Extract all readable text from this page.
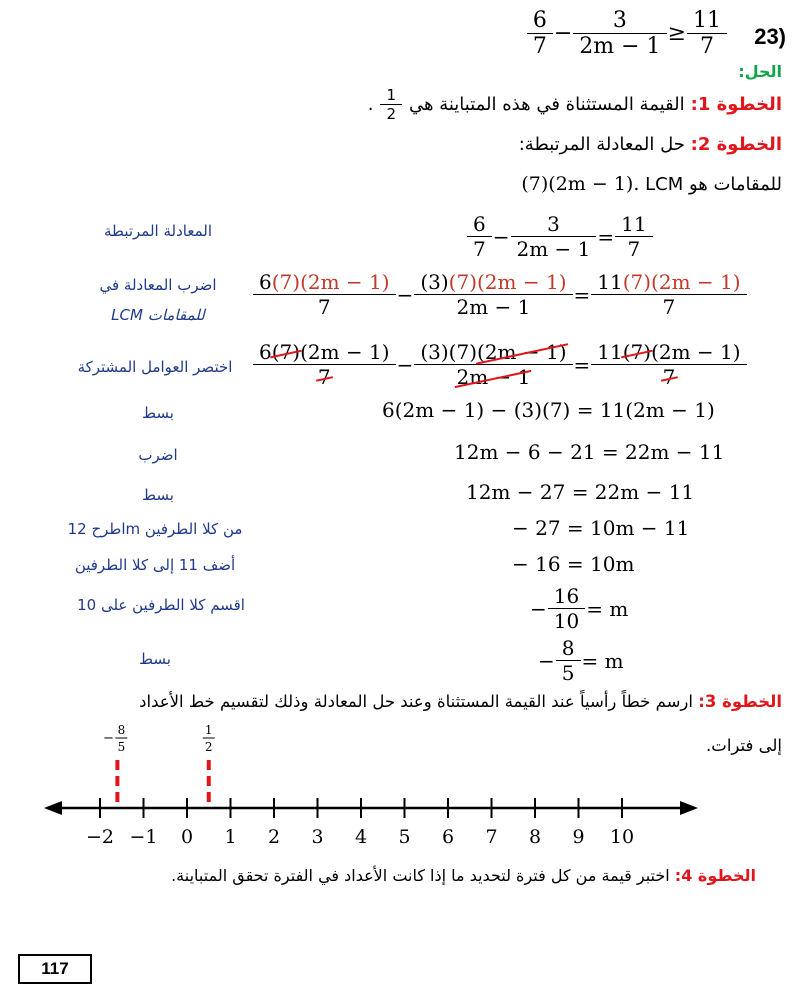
$\frac{6}{7} - \frac{3}{2m - 1} \ge \frac{11}{7} 23$)
الحل:
الخطوة 1:
القيمة المستثناة في هذه المتباينة هي
$\frac{1}{2}$
.
الخطوة 2: حل المعادلة المرتبطة:
(7)(2m − 1). LCM للمقامات هو
المعادلة المرتبطة	$\frac{6}{7} - \frac{3}{2m - 1} = \frac{11}{7}$
اضرب المعادلة في
LCM للمقامات	$\frac{6(7)(2m - 1)}{7} - \frac{(3)(7)(2m - 1)}{2m - 1} = \frac{11(7)(2m - 1)}{7}$
اختصر العوامل المشتركة	$\frac{6(7)(2m - 1)}{7} - \frac{(3)(7)(2m - 1)}{2m - 1} = \frac{11(7)(2m - 1)}{7}$
بسط	6(2m − 1) − (3)(7) = 11(2m − 1)
اضرب	12m − 6 − 21 = 22m − 11
بسط	12m − 27 = 22m − 11
اطرح 12m من كلا الطرفين	− 27 = 10m − 11
أضف 11 إلى كلا الطرفين	− 16 = 10m
اقسم كلا الطرفين على 10	− $\frac{16}{10} = m$
بسط	− $\frac{8}{5} = m$
الخطوة 3: ارسم خطاً رأسياً عند القيمة المستثناة وعند حل المعادلة وذلك لتقسيم خط الأعداد
إلى فترات.
−2 −1 0 1 2 3 4 5 6 7 8 9 10
−
8
5
1
2
الخطوة 4: اختبر قيمة من كل فترة لتحديد ما إذا كانت الأعداد في الفترة تحقق المتباينة.
117
